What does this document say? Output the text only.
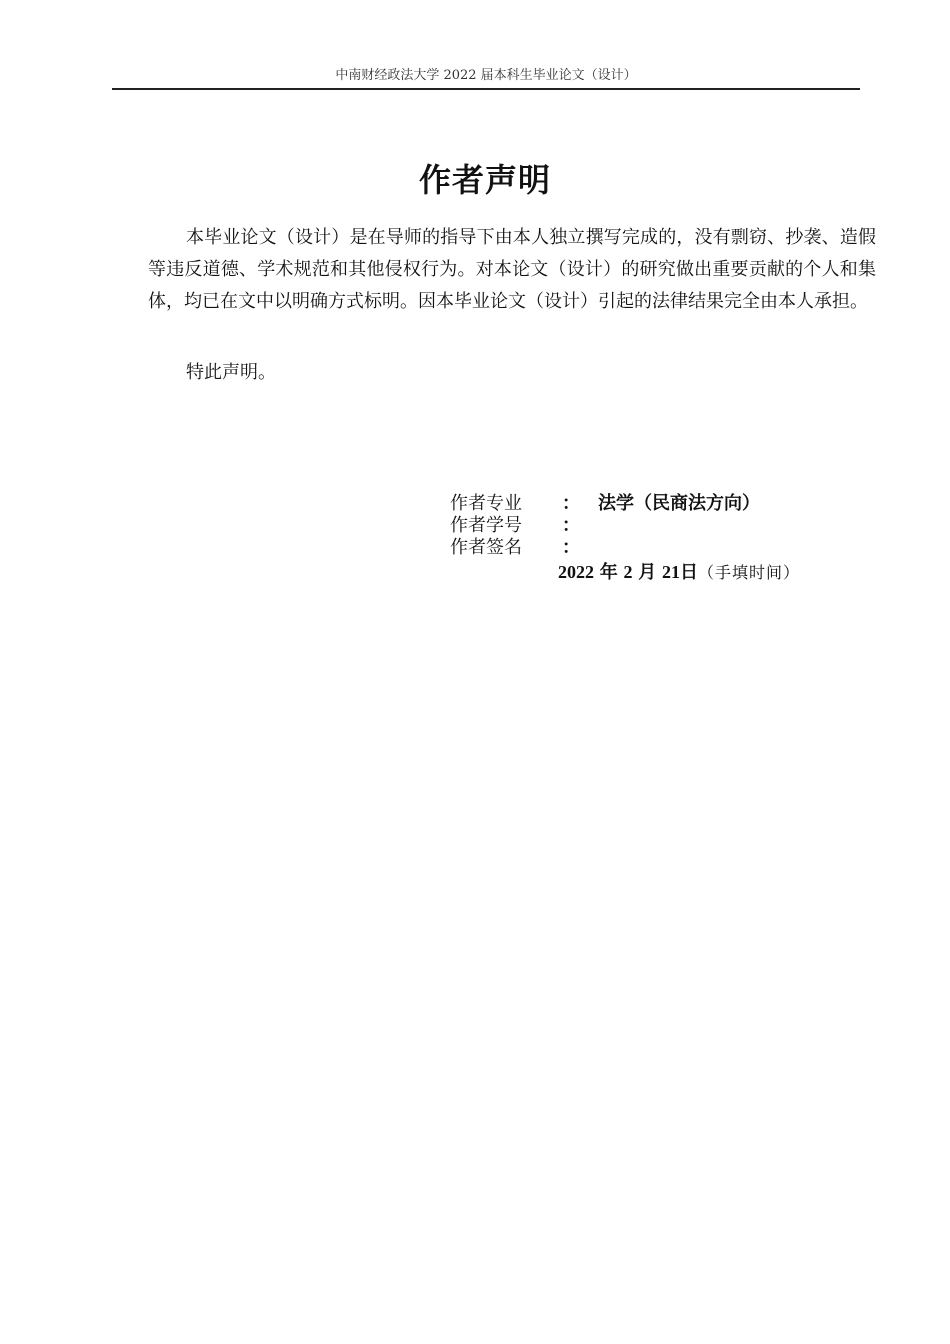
中南财经政法大学 2022 届本科生毕业论文（设计）
作者声明

本毕业论文（设计）是在导师的指导下由本人独立撰写完成的，没有剽窃、抄袭、造假等违反道德、学术规范和其他侵权行为。对本论文（设计）的研究做出重要贡献的个人和集体，均已在文中以明确方式标明。因本毕业论文（设计）引起的法律结果完全由本人承担。

特此声明。
作者专业 ： 法学（民商法方向）
作者学号 ：
作者签名 ：
2022 年 2 月 21日（手填时间）
